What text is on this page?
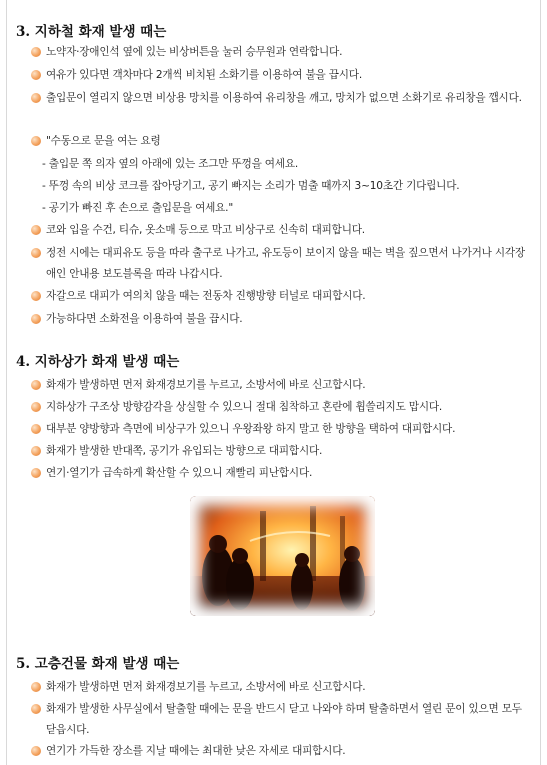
3. 지하철 화재 발생 때는
노약자·장애인석 옆에 있는 비상버튼을 눌러 승무원과 연락합니다.
여유가 있다면 객차마다 2개씩 비치된 소화기를 이용하여 불을 끕시다.
출입문이 열리지 않으면 비상용 망치를 이용하여 유리창을 깨고, 망치가 없으면 소화기로 유리창을 깹시다.
"수동으로 문을 여는 요령
- 출입문 쪽 의자 옆의 아래에 있는 조그만 뚜껑을 여세요.
- 뚜껑 속의 비상 코크를 잡아당기고, 공기 빠지는 소리가 멈출 때까지 3~10초간 기다립니다.
- 공기가 빠진 후 손으로 출입문을 여세요."
코와 입을 수건, 티슈, 옷소매 등으로 막고 비상구로 신속히 대피합니다.
정전 시에는 대피유도 등을 따라 출구로 나가고, 유도등이 보이지 않을 때는 벽을 짚으면서 나가거나 시각장애인 안내용 보도블록을 따라 나갑시다.
자갈으로 대피가 여의치 않을 때는 전동차 진행방향 터널로 대피합시다.
가능하다면 소화전을 이용하여 불을 끕시다.
4. 지하상가 화재 발생 때는
화재가 발생하면 먼저 화재경보기를 누르고, 소방서에 바로 신고합시다.
지하상가 구조상 방향감각을 상실할 수 있으니 절대 침착하고 혼란에 휩쓸리지도 맙시다.
대부분 양방향과 측면에 비상구가 있으니 우왕좌왕 하지 말고 한 방향을 택하여 대피합시다.
화재가 발생한 반대쪽, 공기가 유입되는 방향으로 대피합시다.
연기·열기가 급속하게 확산할 수 있으니 재빨리 피난합시다.
5. 고층건물 화재 발생 때는
화재가 발생하면 먼저 화재경보기를 누르고, 소방서에 바로 신고합시다.
화재가 발생한 사무실에서 탈출할 때에는 문을 반드시 닫고 나와야 하며 탈출하면서 열린 문이 있으면 모두 닫읍시다.
연기가 가득한 장소를 지날 때에는 최대한 낮은 자세로 대피합시다.
